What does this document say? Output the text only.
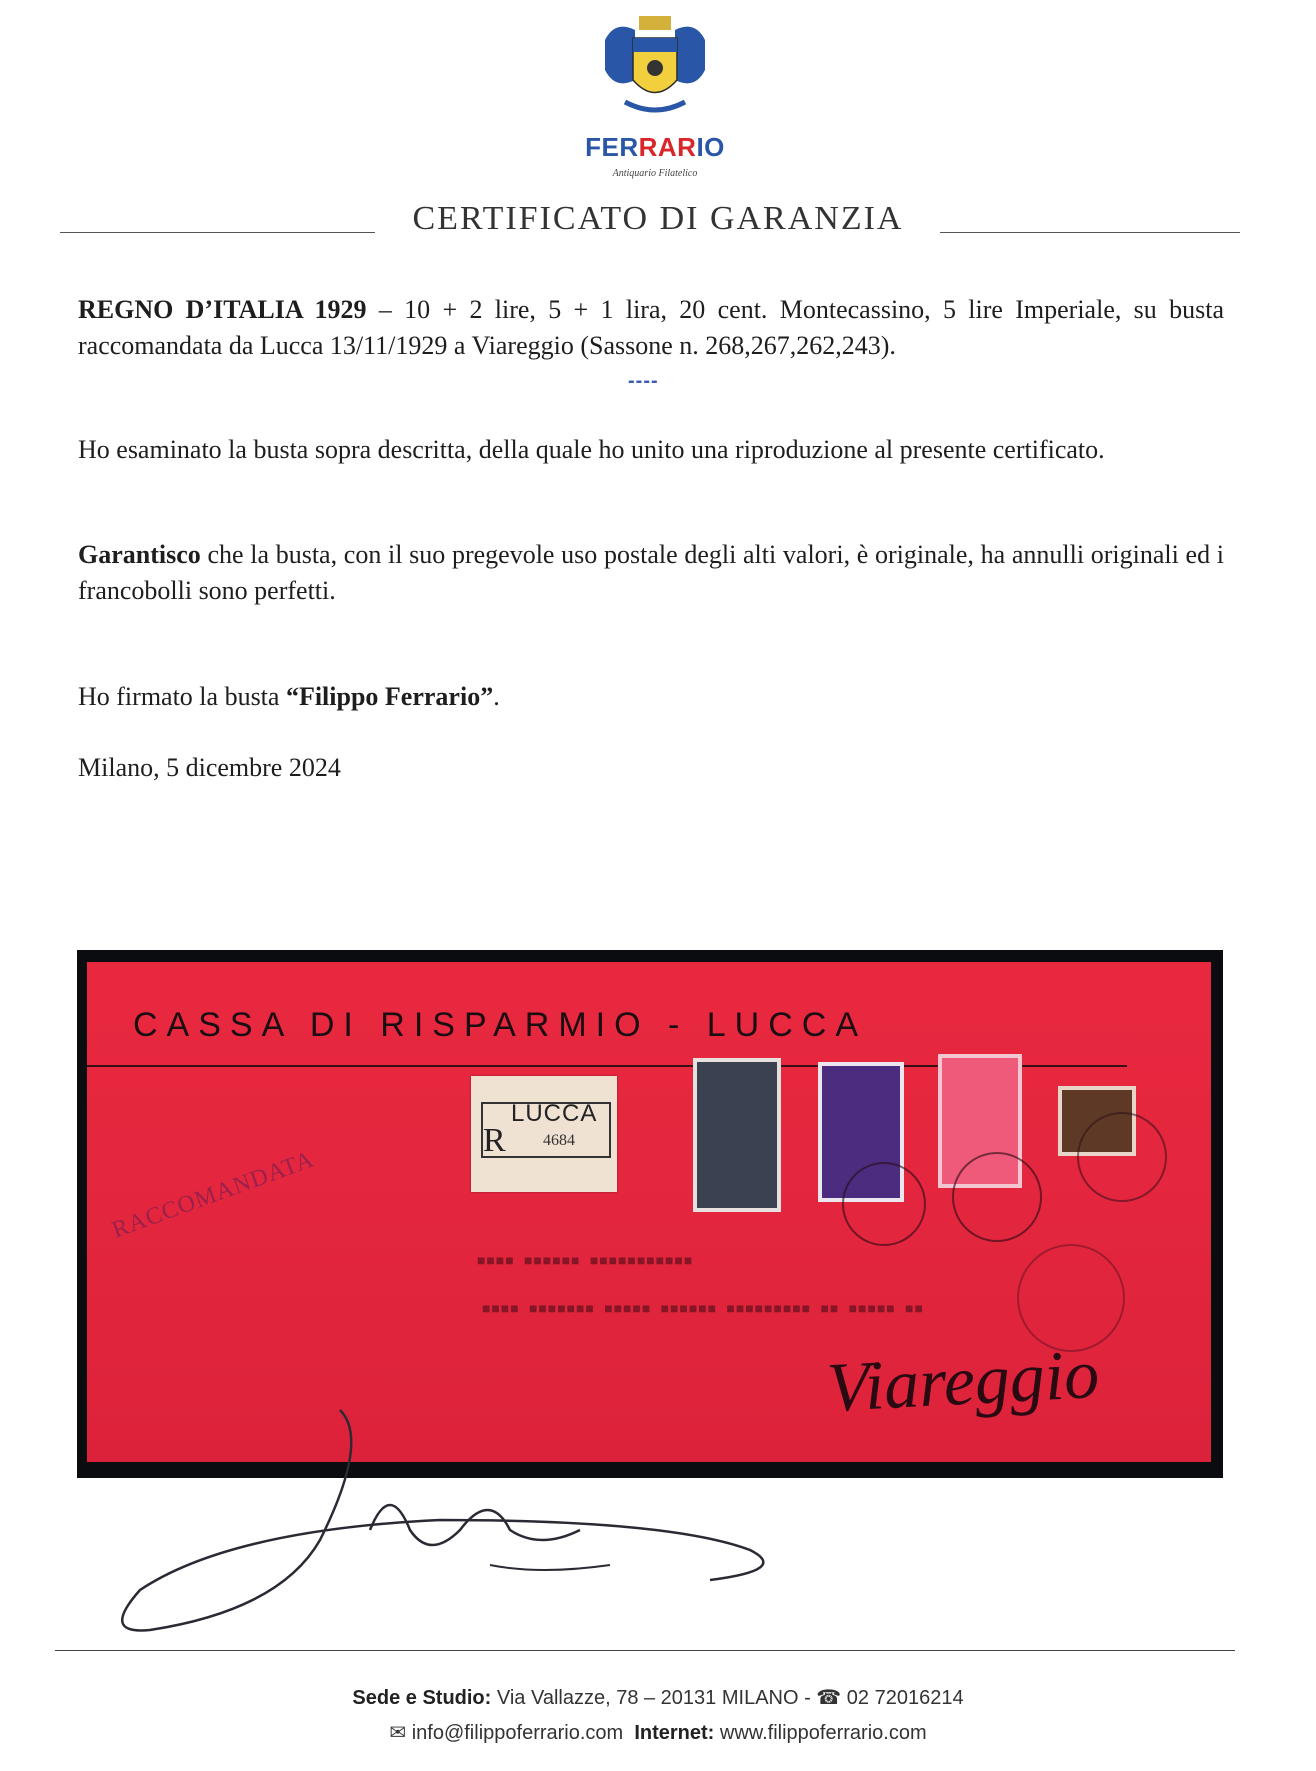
FERRARIO
Antiquario Filatelico
CERTIFICATO DI GARANZIA
REGNO D’ITALIA 1929 – 10 + 2 lire, 5 + 1 lira, 20 cent. Montecassino, 5 lire Imperiale, su busta raccomandata da Lucca 13/11/1929 a Viareggio (Sassone n. 268,267,262,243).
----
Ho esaminato la busta sopra descritta, della quale ho unito una riproduzione al presente certificato.
Garantisco che la busta, con il suo pregevole uso postale degli alti valori, è originale, ha annulli originali ed i francobolli sono perfetti.
Ho firmato la busta “Filippo Ferrario”.
Milano, 5 dicembre 2024
CASSA DI RISPARMIO - LUCCA
R
LUCCA
4684
RACCOMANDATA
■■■■ ■■■■■■ ■■■■■■■■■■■
■■■■ ■■■■■■■ ■■■■■ ■■■■■■ ■■■■■■■■■ ■■ ■■■■■ ■■
Viareggio
Sede e Studio: Via Vallazze, 78 – 20131 MILANO - ☎ 02 72016214
✉ info@filippoferrario.com Internet: www.filippoferrario.com
